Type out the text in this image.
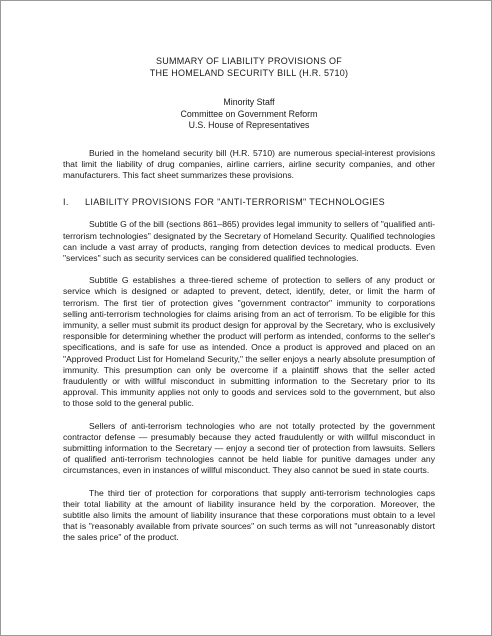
SUMMARY OF LIABILITY PROVISIONS OF
THE HOMELAND SECURITY BILL (H.R. 5710)
Minority Staff
Committee on Government Reform
U.S. House of Representatives

Buried in the homeland security bill (H.R. 5710) are numerous special-interest provisions that limit the liability of drug companies, airline carriers, airline security companies, and other manufacturers. This fact sheet summarizes these provisions.

I.	LIABILITY PROVISIONS FOR "ANTI-TERRORISM" TECHNOLOGIES

Subtitle G of the bill (sections 861–865) provides legal immunity to sellers of "qualified anti-terrorism technologies" designated by the Secretary of Homeland Security. Qualified technologies can include a vast array of products, ranging from detection devices to medical products. Even "services" such as security services can be considered qualified technologies.

Subtitle G establishes a three-tiered scheme of protection to sellers of any product or service which is designed or adapted to prevent, detect, identify, deter, or limit the harm of terrorism. The first tier of protection gives "government contractor" immunity to corporations selling anti-terrorism technologies for claims arising from an act of terrorism. To be eligible for this immunity, a seller must submit its product design for approval by the Secretary, who is exclusively responsible for determining whether the product will perform as intended, conforms to the seller's specifications, and is safe for use as intended. Once a product is approved and placed on an "Approved Product List for Homeland Security," the seller enjoys a nearly absolute presumption of immunity. This presumption can only be overcome if a plaintiff shows that the seller acted fraudulently or with willful misconduct in submitting information to the Secretary prior to its approval. This immunity applies not only to goods and services sold to the government, but also to those sold to the general public.

Sellers of anti-terrorism technologies who are not totally protected by the government contractor defense — presumably because they acted fraudulently or with willful misconduct in submitting information to the Secretary — enjoy a second tier of protection from lawsuits. Sellers of qualified anti-terrorism technologies cannot be held liable for punitive damages under any circumstances, even in instances of willful misconduct. They also cannot be sued in state courts.

The third tier of protection for corporations that supply anti-terrorism technologies caps their total liability at the amount of liability insurance held by the corporation. Moreover, the subtitle also limits the amount of liability insurance that these corporations must obtain to a level that is "reasonably available from private sources" on such terms as will not "unreasonably distort the sales price" of the product.
